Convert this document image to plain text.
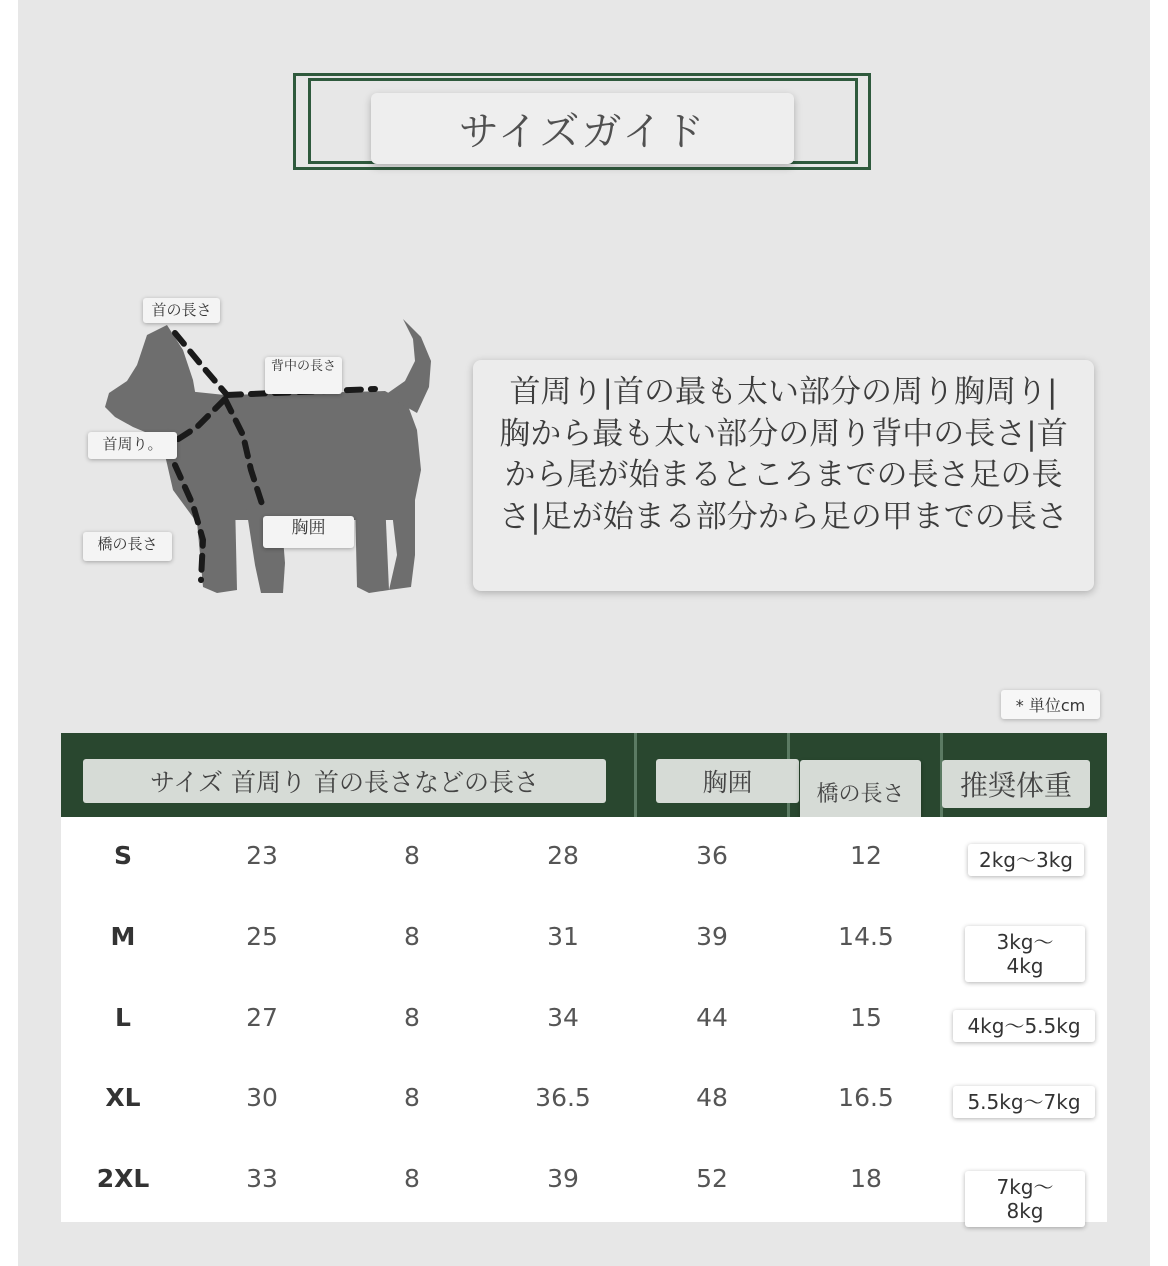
サイズガイド
首の長さ
背中の長さ
首周り。
橋の長さ
胸囲
首周り|首の最も太い部分の周り胸周り|胸から最も太い部分の周り背中の長さ|首から尾が始まるところまでの長さ足の長さ|足が始まる部分から足の甲までの長さ
* 単位cm
サイズ 首周り 首の長さなどの長さ	胸囲	橋の長さ	推奨体重
S	23	8	28	36	12	2kg〜3kg
M	25	8	31	39	14.5	3kg〜4kg
L	27	8	34	44	15	4kg〜5.5kg
XL	30	8	36.5	48	16.5	5.5kg〜7kg
2XL	33	8	39	52	18	7kg〜8kg
